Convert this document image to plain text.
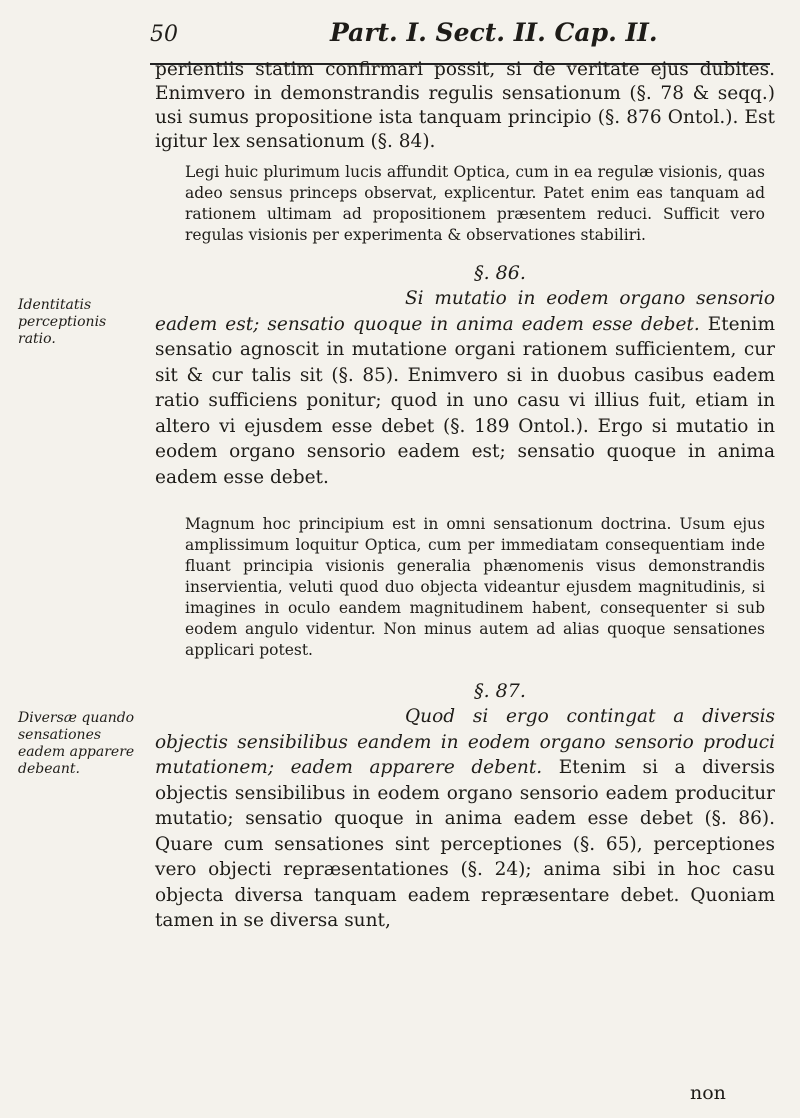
50	Part. I. Sect. II. Cap. II.

perientiis statim confirmari possit, si de veritate ejus dubites. Enimvero in demonstrandis regulis sensationum (§. 78 & seqq.) usi sumus propositione ista tanquam principio (§. 876 Ontol.). Est igitur lex sensationum (§. 84).

Legi huic plurimum lucis affundit Optica, cum in ea regulæ visionis, quas adeo sensus princeps observat, explicentur. Patet enim eas tanquam ad rationem ultimam ad propositionem præsentem reduci. Sufficit vero regulas visionis per experimenta & observationes stabiliri.

§. 86.
Identitatis perceptionis ratio.

Si mutatio in eodem organo sensorio eadem est; sensatio quoque in anima eadem esse debet. Etenim sensatio agnoscit in mutatione organi rationem sufficientem, cur sit & cur talis sit (§. 85). Enimvero si in duobus casibus eadem ratio sufficiens ponitur; quod in uno casu vi illius fuit, etiam in altero vi ejusdem esse debet (§. 189 Ontol.). Ergo si mutatio in eodem organo sensorio eadem est; sensatio quoque in anima eadem esse debet.

Magnum hoc principium est in omni sensationum doctrina. Usum ejus amplissimum loquitur Optica, cum per immediatam consequentiam inde fluant principia visionis generalia phænomenis visus demonstrandis inservientia, veluti quod duo objecta videantur ejusdem magnitudinis, si imagines in oculo eandem magnitudinem habent, consequenter si sub eodem angulo videntur. Non minus autem ad alias quoque sensationes applicari potest.

§. 87.
Diversæ quando sensationes eadem apparere debeant.

Quod si ergo contingat a diversis objectis sensibilibus eandem in eodem organo sensorio produci mutationem; eadem apparere debent. Etenim si a diversis objectis sensibilibus in eodem organo sensorio eadem producitur mutatio; sensatio quoque in anima eadem esse debet (§. 86). Quare cum sensationes sint perceptiones (§. 65), perceptiones vero objecti repræsentationes (§. 24); anima sibi in hoc casu objecta diversa tanquam eadem repræsentare debet. Quoniam tamen in se diversa sunt,

non
